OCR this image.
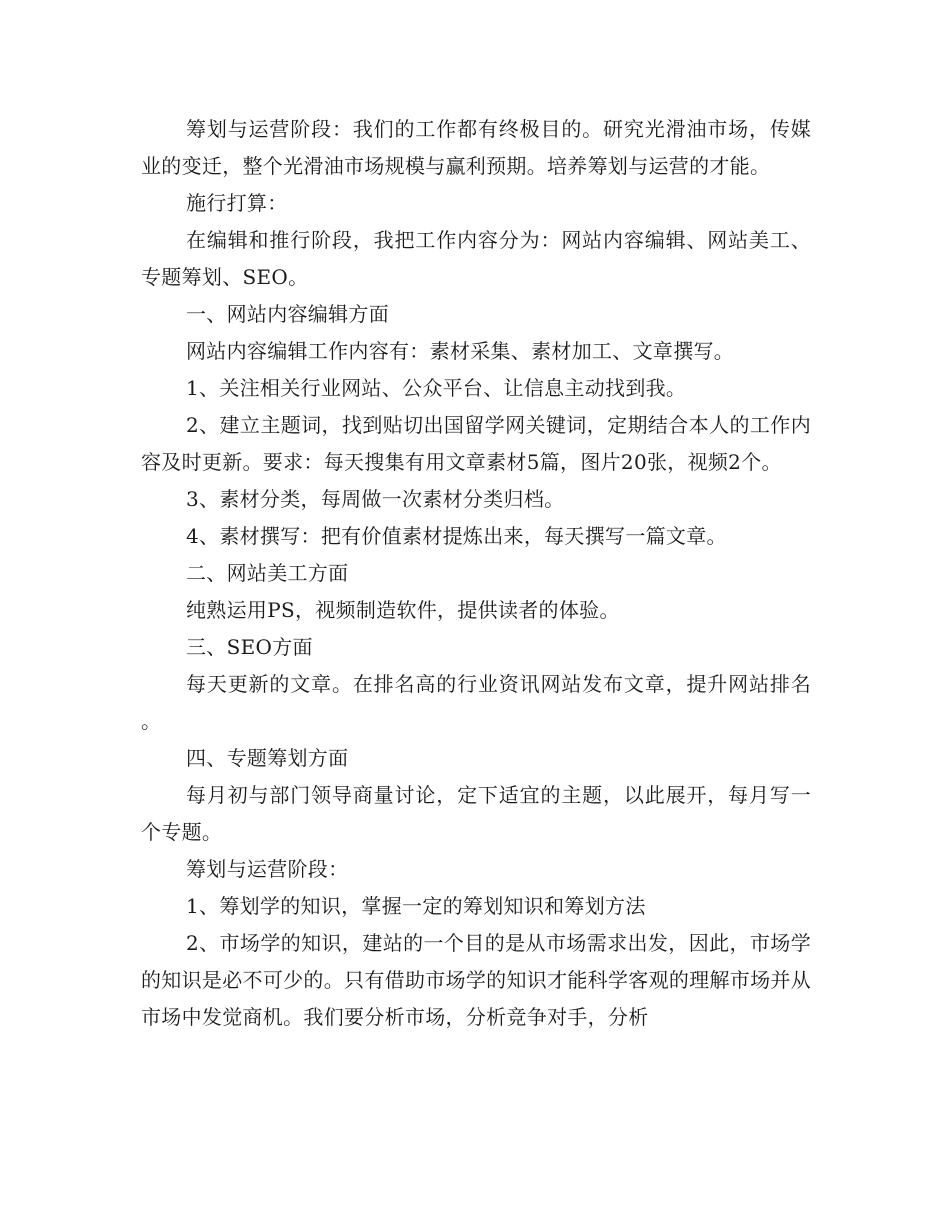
筹划与运营阶段：我们的工作都有终极目的。研究光滑油市场，传媒业的变迁，整个光滑油市场规模与赢利预期。培养筹划与运营的才能。

施行打算：

在编辑和推行阶段，我把工作内容分为：网站内容编辑、网站美工、专题筹划、SEO。

一、网站内容编辑方面

网站内容编辑工作内容有：素材采集、素材加工、文章撰写。

1、关注相关行业网站、公众平台、让信息主动找到我。

2、建立主题词，找到贴切出国留学网关键词，定期结合本人的工作内容及时更新。要求：每天搜集有用文章素材5篇，图片20张，视频2个。

3、素材分类，每周做一次素材分类归档。

4、素材撰写：把有价值素材提炼出来，每天撰写一篇文章。

二、网站美工方面

纯熟运用PS，视频制造软件，提供读者的体验。

三、SEO方面

每天更新的文章。在排名高的行业资讯网站发布文章，提升网站排名。

四、专题筹划方面

每月初与部门领导商量讨论，定下适宜的主题，以此展开，每月写一个专题。

筹划与运营阶段：

1、筹划学的知识，掌握一定的筹划知识和筹划方法

2、市场学的知识，建站的一个目的是从市场需求出发，因此，市场学的知识是必不可少的。只有借助市场学的知识才能科学客观的理解市场并从市场中发觉商机。我们要分析市场，分析竞争对手，分析
